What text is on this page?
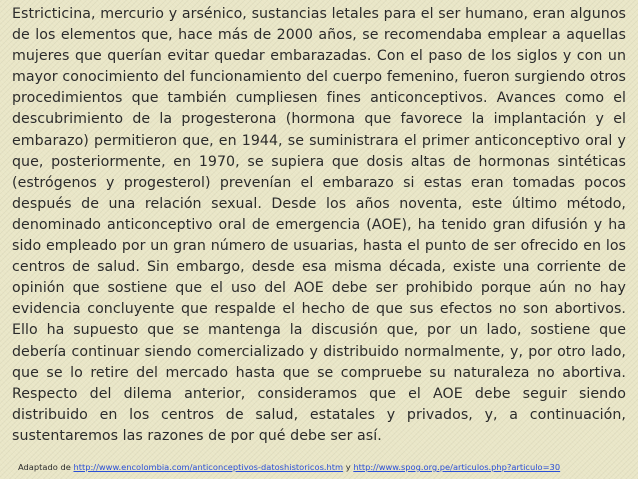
Estricticina, mercurio y arsénico, sustancias letales para el ser humano, eran algunos de los elementos que, hace más de 2000 años, se recomendaba emplear a aquellas mujeres que querían evitar quedar embarazadas. Con el paso de los siglos y con un mayor conocimiento del funcionamiento del cuerpo femenino, fueron surgiendo otros procedimientos que también cumpliesen fines anticonceptivos. Avances como el descubrimiento de la progesterona (hormona que favorece la implantación y el embarazo) permitieron que, en 1944, se suministrara el primer anticonceptivo oral y que, posteriormente, en 1970, se supiera que dosis altas de hormonas sintéticas (estrógenos y progesterol) prevenían el embarazo si estas eran tomadas pocos después de una relación sexual. Desde los años noventa, este último método, denominado anticonceptivo oral de emergencia (AOE), ha tenido gran difusión y ha sido empleado por un gran número de usuarias, hasta el punto de ser ofrecido en los centros de salud. Sin embargo, desde esa misma década, existe una corriente de opinión que sostiene que el uso del AOE debe ser prohibido porque aún no hay evidencia concluyente que respalde el hecho de que sus efectos no son abortivos. Ello ha supuesto que se mantenga la discusión que, por un lado, sostiene que debería continuar siendo comercializado y distribuido normalmente, y, por otro lado, que se lo retire del mercado hasta que se compruebe su naturaleza no abortiva. Respecto del dilema anterior, consideramos que el AOE debe seguir siendo distribuido en los centros de salud, estatales y privados, y, a continuación, sustentaremos las razones de por qué debe ser así.

Adaptado de http://www.encolombia.com/anticonceptivos-datoshistoricos.htm y http://www.spog.org.pe/articulos.php?articulo=30
